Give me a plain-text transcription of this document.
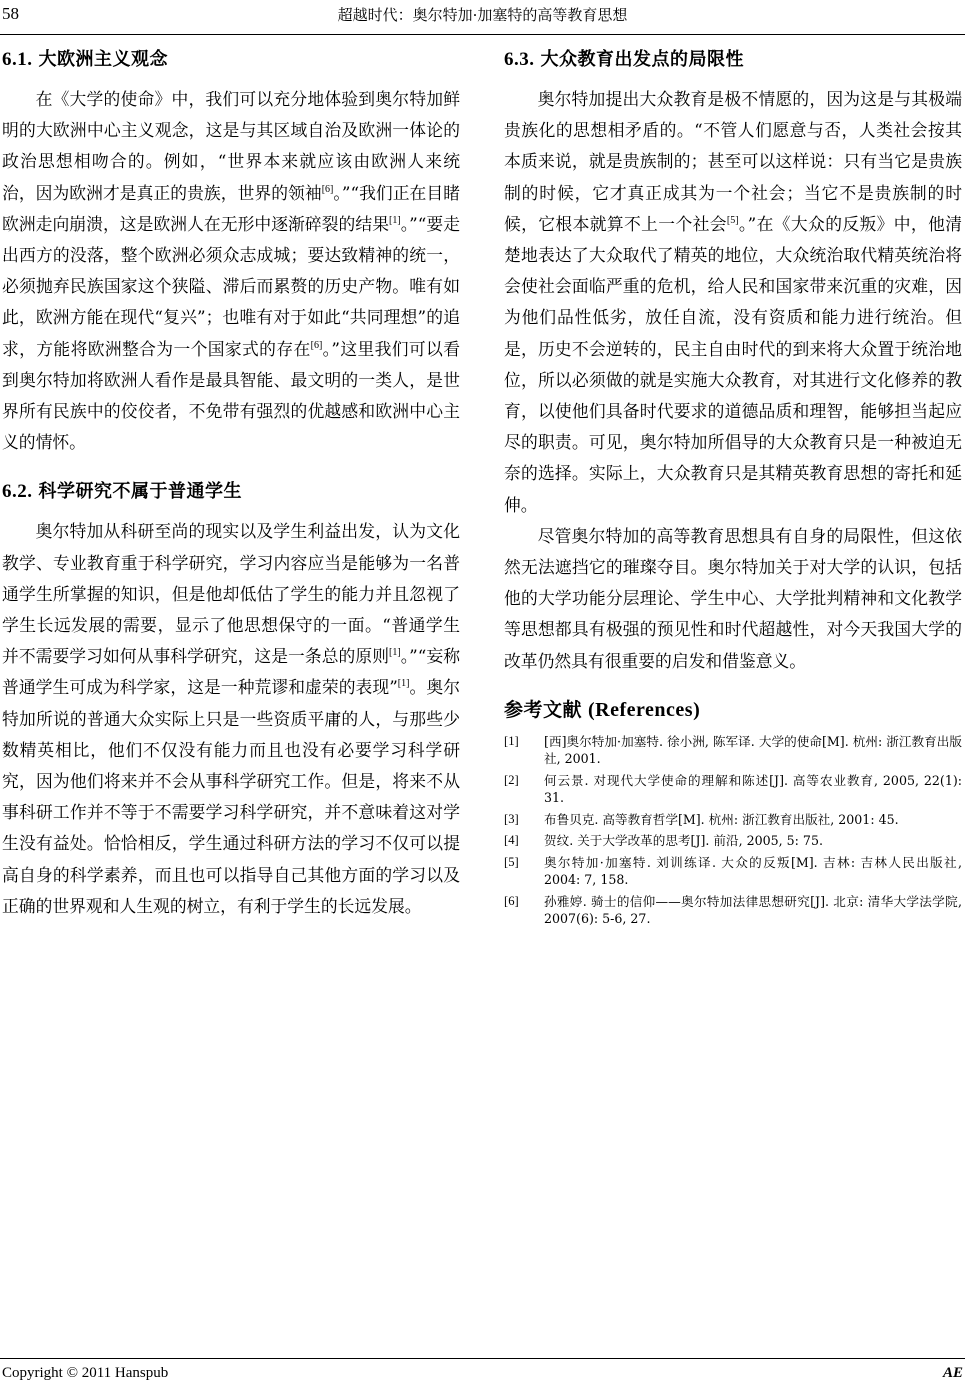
58	超越时代：奥尔特加·加塞特的高等教育思想
6.1. 大欧洲主义观念

在《大学的使命》中，我们可以充分地体验到奥尔特加鲜明的大欧洲中心主义观念，这是与其区域自治及欧洲一体论的政治思想相吻合的。例如，“世界本来就应该由欧洲人来统治，因为欧洲才是真正的贵族，世界的领袖[6]。”“我们正在目睹欧洲走向崩溃，这是欧洲人在无形中逐渐碎裂的结果[1]。”“要走出西方的没落，整个欧洲必须众志成城；要达致精神的统一，必须抛弃民族国家这个狭隘、滞后而累赘的历史产物。唯有如此，欧洲方能在现代“复兴”；也唯有对于如此“共同理想”的追求，方能将欧洲整合为一个国家式的存在[6]。”这里我们可以看到奥尔特加将欧洲人看作是最具智能、最文明的一类人，是世界所有民族中的佼佼者，不免带有强烈的优越感和欧洲中心主义的情怀。

6.2. 科学研究不属于普通学生

奥尔特加从科研至尚的现实以及学生利益出发，认为文化教学、专业教育重于科学研究，学习内容应当是能够为一名普通学生所掌握的知识，但是他却低估了学生的能力并且忽视了学生长远发展的需要，显示了他思想保守的一面。“普通学生并不需要学习如何从事科学研究，这是一条总的原则[1]。”“妄称普通学生可成为科学家，这是一种荒谬和虚荣的表现”[1]。奥尔特加所说的普通大众实际上只是一些资质平庸的人，与那些少数精英相比，他们不仅没有能力而且也没有必要学习科学研究，因为他们将来并不会从事科学研究工作。但是，将来不从事科研工作并不等于不需要学习科学研究，并不意味着这对学生没有益处。恰恰相反，学生通过科研方法的学习不仅可以提高自身的科学素养，而且也可以指导自己其他方面的学习以及正确的世界观和人生观的树立，有利于学生的长远发展。

6.3. 大众教育出发点的局限性

奥尔特加提出大众教育是极不情愿的，因为这是与其极端贵族化的思想相矛盾的。“不管人们愿意与否，人类社会按其本质来说，就是贵族制的；甚至可以这样说：只有当它是贵族制的时候，它才真正成其为一个社会；当它不是贵族制的时候，它根本就算不上一个社会[5]。”在《大众的反叛》中，他清楚地表达了大众取代了精英的地位，大众统治取代精英统治将会使社会面临严重的危机，给人民和国家带来沉重的灾难，因为他们品性低劣，放任自流，没有资质和能力进行统治。但是，历史不会逆转的，民主自由时代的到来将大众置于统治地位，所以必须做的就是实施大众教育，对其进行文化修养的教育，以使他们具备时代要求的道德品质和理智，能够担当起应尽的职责。可见，奥尔特加所倡导的大众教育只是一种被迫无奈的选择。实际上，大众教育只是其精英教育思想的寄托和延伸。

尽管奥尔特加的高等教育思想具有自身的局限性，但这依然无法遮挡它的璀璨夺目。奥尔特加关于对大学的认识，包括他的大学功能分层理论、学生中心、大学批判精神和文化教学等思想都具有极强的预见性和时代超越性，对今天我国大学的改革仍然具有很重要的启发和借鉴意义。

参考文献 (References)
[1] [西]奥尔特加·加塞特. 徐小洲, 陈军译. 大学的使命[M]. 杭州: 浙江教育出版社, 2001.
[2] 何云景. 对现代大学使命的理解和陈述[J]. 高等农业教育, 2005, 22(1): 31.
[3] 布鲁贝克. 高等教育哲学[M]. 杭州: 浙江教育出版社, 2001: 45.
[4] 贺纹. 关于大学改革的思考[J]. 前沿, 2005, 5: 75.
[5] 奥尔特加·加塞特. 刘训练译. 大众的反叛[M]. 吉林: 吉林人民出版社, 2004: 7, 158.
[6] 孙雅婷. 骑士的信仰——奥尔特加法律思想研究[J]. 北京: 清华大学法学院, 2007(6): 5-6, 27.
Copyright © 2011 Hanspub	AE
